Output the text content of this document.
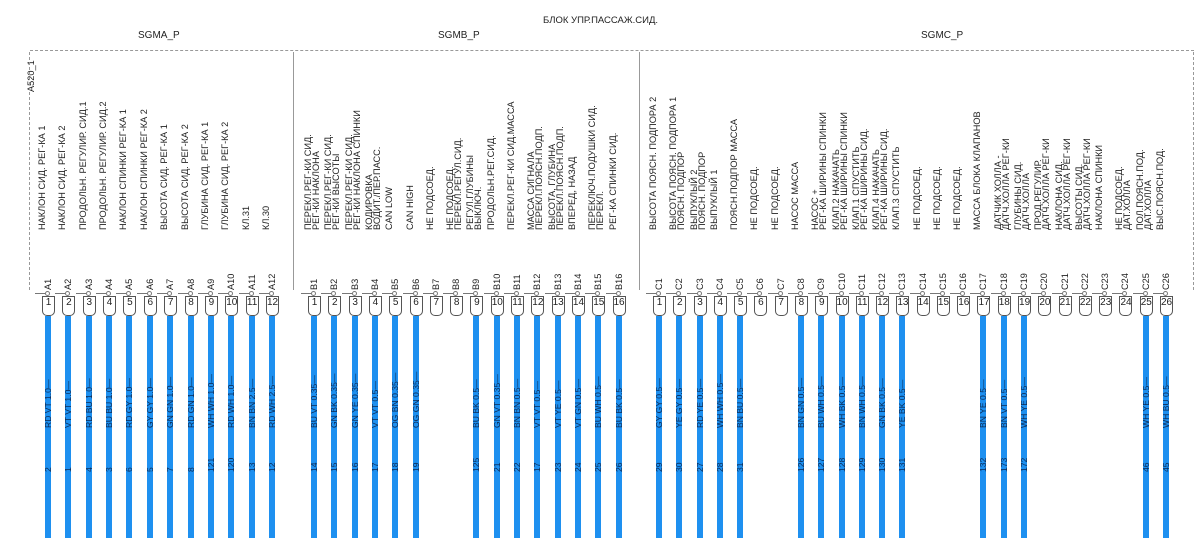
БЛОК УПР.ПАССАЖ.СИД.
A520_1
SGMA_P
НАКЛОН СИД. РЕГ-КА 1
A1
1
RD VT 1.0—
2
НАКЛОН СИД. РЕГ-КА 2
A2
2
VT VT 1.0—
1
ПРОДОЛЬН. РЕГУЛИР. СИД.1
A3
3
RD BU 1.0—
4
ПРОДОЛЬН. РЕГУЛИР. СИД.2
A4
4
BU BU 1.0—
3
НАКЛОН СПИНКИ РЕГ-КА 1
A5
5
RD GY 1.0—
6
НАКЛОН СПИНКИ РЕГ-КА 2
A6
6
GY GY 1.0—
5
ВЫСОТА СИД. РЕГ-КА 1
A7
7
GN GN 1.0—
7
ВЫСОТА СИД. РЕГ-КА 2
A8
8
RD GN 1.0—
8
ГЛУБИНА СИД. РЕГ-КА 1
A9
9
WH WH 1.0—
121
ГЛУБИНА СИД. РЕГ-КА 2
A10
10
RD WH 1.0—
120
КЛ.31
A11
11
BN BN 2.5—
13
КЛ.30
A12
12
RD WH 2.5—
12
SGMB_P
ПЕРЕКЛ.РЕГ-КИ СИД.
РЕГ-КИ НАКЛОНА
B1
1
BU VT 0.35—
14
ПЕРЕКЛ.РЕГ-КИ СИД.
РЕГ-КИ ВЫСОТЫ
B2
2
GN BK 0.35—
15
ПЕРЕКЛ.РЕГ-КИ СИД.
РЕГ-КИ НАКЛОНА СПИНКИ
B3
3
GN YE 0.35—
16
КОДИРОВКА
ВОДИТ./ПЕР.ПАСС.
B4
4
VT VT 0.5—
17
CAN LOW
B5
5
OG BN 0.35—
18
CAN HIGH
B6
6
OG GN 0.35—
19
НЕ ПОДСОЕД.
B7
7
НЕ ПОДСОЕД.
ПЕРЕКЛ.РЕГУЛ.СИД.
B8
8
РЕГУЛ.ГЛУБИНЫ
ВЫКЛЮЧ.
B9
9
BU BK 0.5—
125
ПРОДОЛЬН.РЕГ.СИД.
B10
10
GN VT 0.35—
21
ПЕРЕКЛ.РЕГ-КИ СИД.МАССА
B11
11
BN BN 0.5—
22
МАССА СИГНАЛА
ПЕРЕКЛ.ПОЯСН.ПОДП.
B12
12
VT VT 0.5—
17
ВЫСОТА, ГЛУБИНА
ПЕРЕКЛ.ПОЯСН.ПОДП.
B13
13
VT YE 0.5—
23
ВПЕРЕД, НАЗАД
B14
14
VT GN 0.5—
24
ПЕРЕКЛЮЧ.ПОДУШКИ СИД.
ПЕРЕКЛ.
B15
15
BU WH 0.5—
25
РЕГ-КА СПИНКИ СИД.
B16
16
BU BK 0.5—
26
SGMC_P
ВЫСОТА ПОЯСН. ПОДПОРА 2
C1
1
GY GY 0.5—
29
ВЫСОТА ПОЯСН. ПОДПОРА 1
ПОЯСН. ПОДПОР
C2
2
YE GY 0.5—
30
ВЫПУКЛЫЙ 2
ПОЯСН. ПОДПОР
C3
3
RD YE 0.5—
27
ВЫПУКЛЫЙ 1
C4
4
WH WH 0.5—
28
ПОЯСН.ПОДПОР МАССА
C5
5
BN BU 0.5—
31
НЕ ПОДСОЕД.
C6
6
НЕ ПОДСОЕД.
C7
7
НАСОС МАССА
C8
8
BN GN 0.5—
126
НАСОС +
РЕГ-КА ШИРИНЫ СПИНКИ
C9
9
BU WH 0.5—
127
КЛАП.2 НАКАЧАТЬ
РЕГ-КА ШИРИНЫ СПИНКИ
C10
10
WH BK 0.5—
128
КЛАП.1 СПУСТИТЬ
РЕГ-КА ШИРИНЫ СИД.
C11
11
BN WH 0.5—
129
КЛАП.4 НАКАЧАТЬ
РЕГ-КА ШИРИНЫ СИД.
C12
12
GN BK 0.5—
130
КЛАП.3 СПУСТИТЬ
C13
13
YE BK 0.5—
131
НЕ ПОДСОЕД.
C14
14
НЕ ПОДСОЕД.
C15
15
НЕ ПОДСОЕД.
C16
16
МАССА БЛОКА КЛАПАНОВ
C17
17
BN YE 0.5—
132
ДАТЧИК ХОЛЛА -
ДАТЧ.ХОЛЛА РЕГ-КИ
C18
18
BN VT 0.5—
173
ГЛУБИНЫ СИД.
ДАТЧ.ХОЛЛА
C19
19
WH YE 0.5—
172
ПРОД.РЕГУЛИР.
ДАТЧ.ХОЛЛА РЕГ-КИ
C20
20
НАКЛОНА СИД.
ДАТЧ.ХОЛЛА РЕГ-КИ
C21
21
ВЫСОТЫ СИД.
ДАТЧ.ХОЛЛА РЕГ-КИ
C22
22
НАКЛОНА СПИНКИ
C23
23
НЕ ПОДСОЕД.
ДАТ.ХОЛЛА
C24
24
ПОЛ.ПОЯСН.ПОД.
ДАТ.ХОЛЛА
C25
25
WH YE 0.5—
46
ВЫС.ПОЯСН.ПОД.
C26
26
WH BU 0.5—
45
